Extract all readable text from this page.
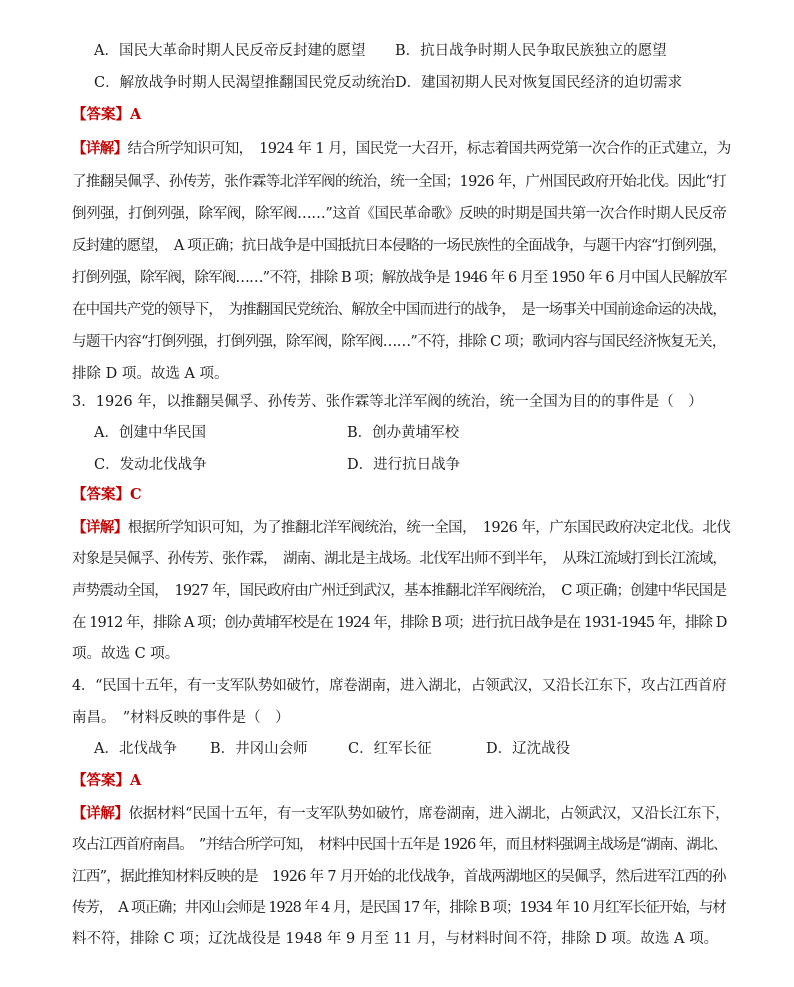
A．国民大革命时期人民反帝反封建的愿望 B．抗日战争时期人民争取民族独立的愿望
C．解放战争时期人民渴望推翻国民党反动统治 D．建国初期人民对恢复国民经济的迫切需求
【答案】A
【详解】结合所学知识可知，　1924 年 1 月，国民党一大召开，标志着国共两党第一次合作的正式建立，为
了推翻吴佩孚、孙传芳，张作霖等北洋军阀的统治，统一全国；1926 年，广州国民政府开始北伐。因此“打
倒列强，打倒列强，除军阀，除军阀……”这首《国民革命歌》反映的时期是国共第一次合作时期人民反帝
反封建的愿望，　A 项正确；抗日战争是中国抵抗日本侵略的一场民族性的全面战争，与题干内容“打倒列强，
打倒列强，除军阀，除军阀……”不符，排除 B 项；解放战争是 1946 年 6 月至 1950 年 6 月中国人民解放军
在中国共产党的领导下，　为推翻国民党统治、解放全中国而进行的战争，　是一场事关中国前途命运的决战，
与题干内容“打倒列强，打倒列强，除军阀，除军阀……”不符，排除 C 项；歌词内容与国民经济恢复无关，
排除 D 项。故选 A 项。
3．1926 年，以推翻吴佩孚、孙传芳、张作霖等北洋军阀的统治，统一全国为目的的事件是（　）
A．创建中华民国	B．创办黄埔军校
C．发动北伐战争	D．进行抗日战争
【答案】C
【详解】根据所学知识可知，为了推翻北洋军阀统治，统一全国，　1926 年，广东国民政府决定北伐。北伐
对象是吴佩孚、孙传芳、张作霖，　湖南、湖北是主战场。北伐军出师不到半年，　从珠江流域打到长江流域，
声势震动全国，　1927 年，国民政府由广州迁到武汉，基本推翻北洋军阀统治，　C 项正确；创建中华民国是
在 1912 年，排除 A 项；创办黄埔军校是在 1924 年，排除 B 项；进行抗日战争是在 1931-1945 年，排除 D
项。故选 C 项。
4．“民国十五年，有一支军队势如破竹，席卷湖南，进入湖北，占领武汉，又沿长江东下，攻占江西首府
南昌。　”材料反映的事件是（　）
A．北伐战争 B．井冈山会师	C．红军长征	D．辽沈战役
【答案】A
【详解】依据材料“民国十五年，有一支军队势如破竹，席卷湖南，进入湖北，占领武汉，又沿长江东下，
攻占江西首府南昌。　”并结合所学可知，　材料中民国十五年是 1926 年，而且材料强调主战场是“湖南、湖北、
江西”，据此推知材料反映的是　1926 年 7 月开始的北伐战争，首战两湖地区的吴佩孚，然后进军江西的孙
传芳，　A 项正确；井冈山会师是 1928 年 4 月，是民国 17 年，排除 B 项；1934 年 10 月红军长征开始，与材
料不符，排除 C 项；辽沈战役是 1948 年 9 月至 11 月，与材料时间不符，排除 D 项。故选 A 项。
